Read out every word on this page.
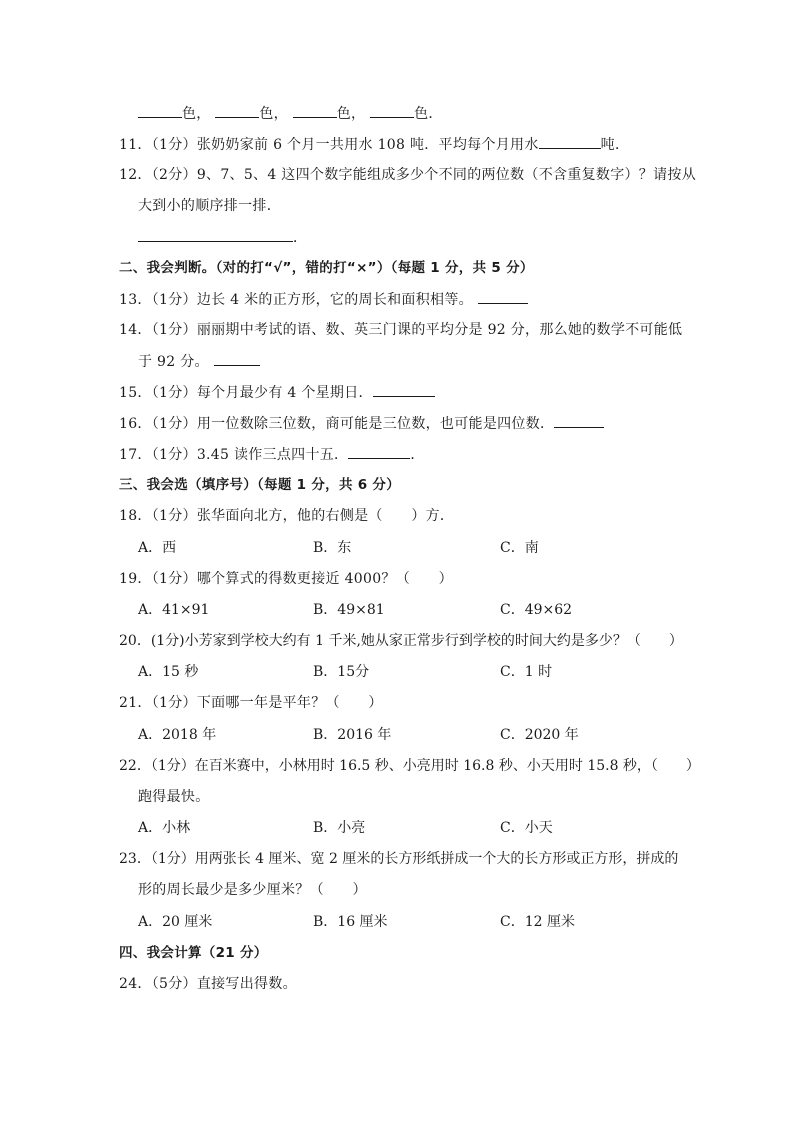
色，	色，	色，	色．
11．（1分）张奶奶家前 6 个月一共用水 108 吨．平均每个月用水	吨．
12．（2分）9、7、5、4 这四个数字能组成多少个不同的两位数（不含重复数字）？请按从
大到小的顺序排一排．
．
二、我会判断。（对的打“√”，错的打“×”）（每题 1 分，共 5 分）
13．（1分）边长 4 米的正方形，它的周长和面积相等。
14．（1分）丽丽期中考试的语、数、英三门课的平均分是 92 分，那么她的数学不可能低
于 92 分。
15．（1分）每个月最少有 4 个星期日．
16．（1分）用一位数除三位数，商可能是三位数，也可能是四位数．
17．（1分）3.45 读作三点四十五．	．
三、我会选（填序号）（每题 1 分，共 6 分）
18．（1分）张华面向北方，他的右侧是（　　）方．
A．西	B．东	C．南
19．（1分）哪个算式的得数更接近 4000？（　　）
A．41×91	B．49×81	C．49×62
20．(1分)小芳家到学校大约有 1 千米,她从家正常步行到学校的时间大约是多少？（　　）
A．15 秒	B．15分	C．1 时
21．（1分）下面哪一年是平年？（　　）
A．2018 年	B．2016 年	C．2020 年
22．（1分）在百米赛中，小林用时 16.5 秒、小亮用时 16.8 秒、小天用时 15.8 秒，（　　）
跑得最快。
A．小林	B．小亮	C．小天
23．（1分）用两张长 4 厘米、宽 2 厘米的长方形纸拼成一个大的长方形或正方形，拼成的
形的周长最少是多少厘米？（　　）
A．20 厘米	B．16 厘米	C．12 厘米
四、我会计算（21 分）
24．（5分）直接写出得数。
